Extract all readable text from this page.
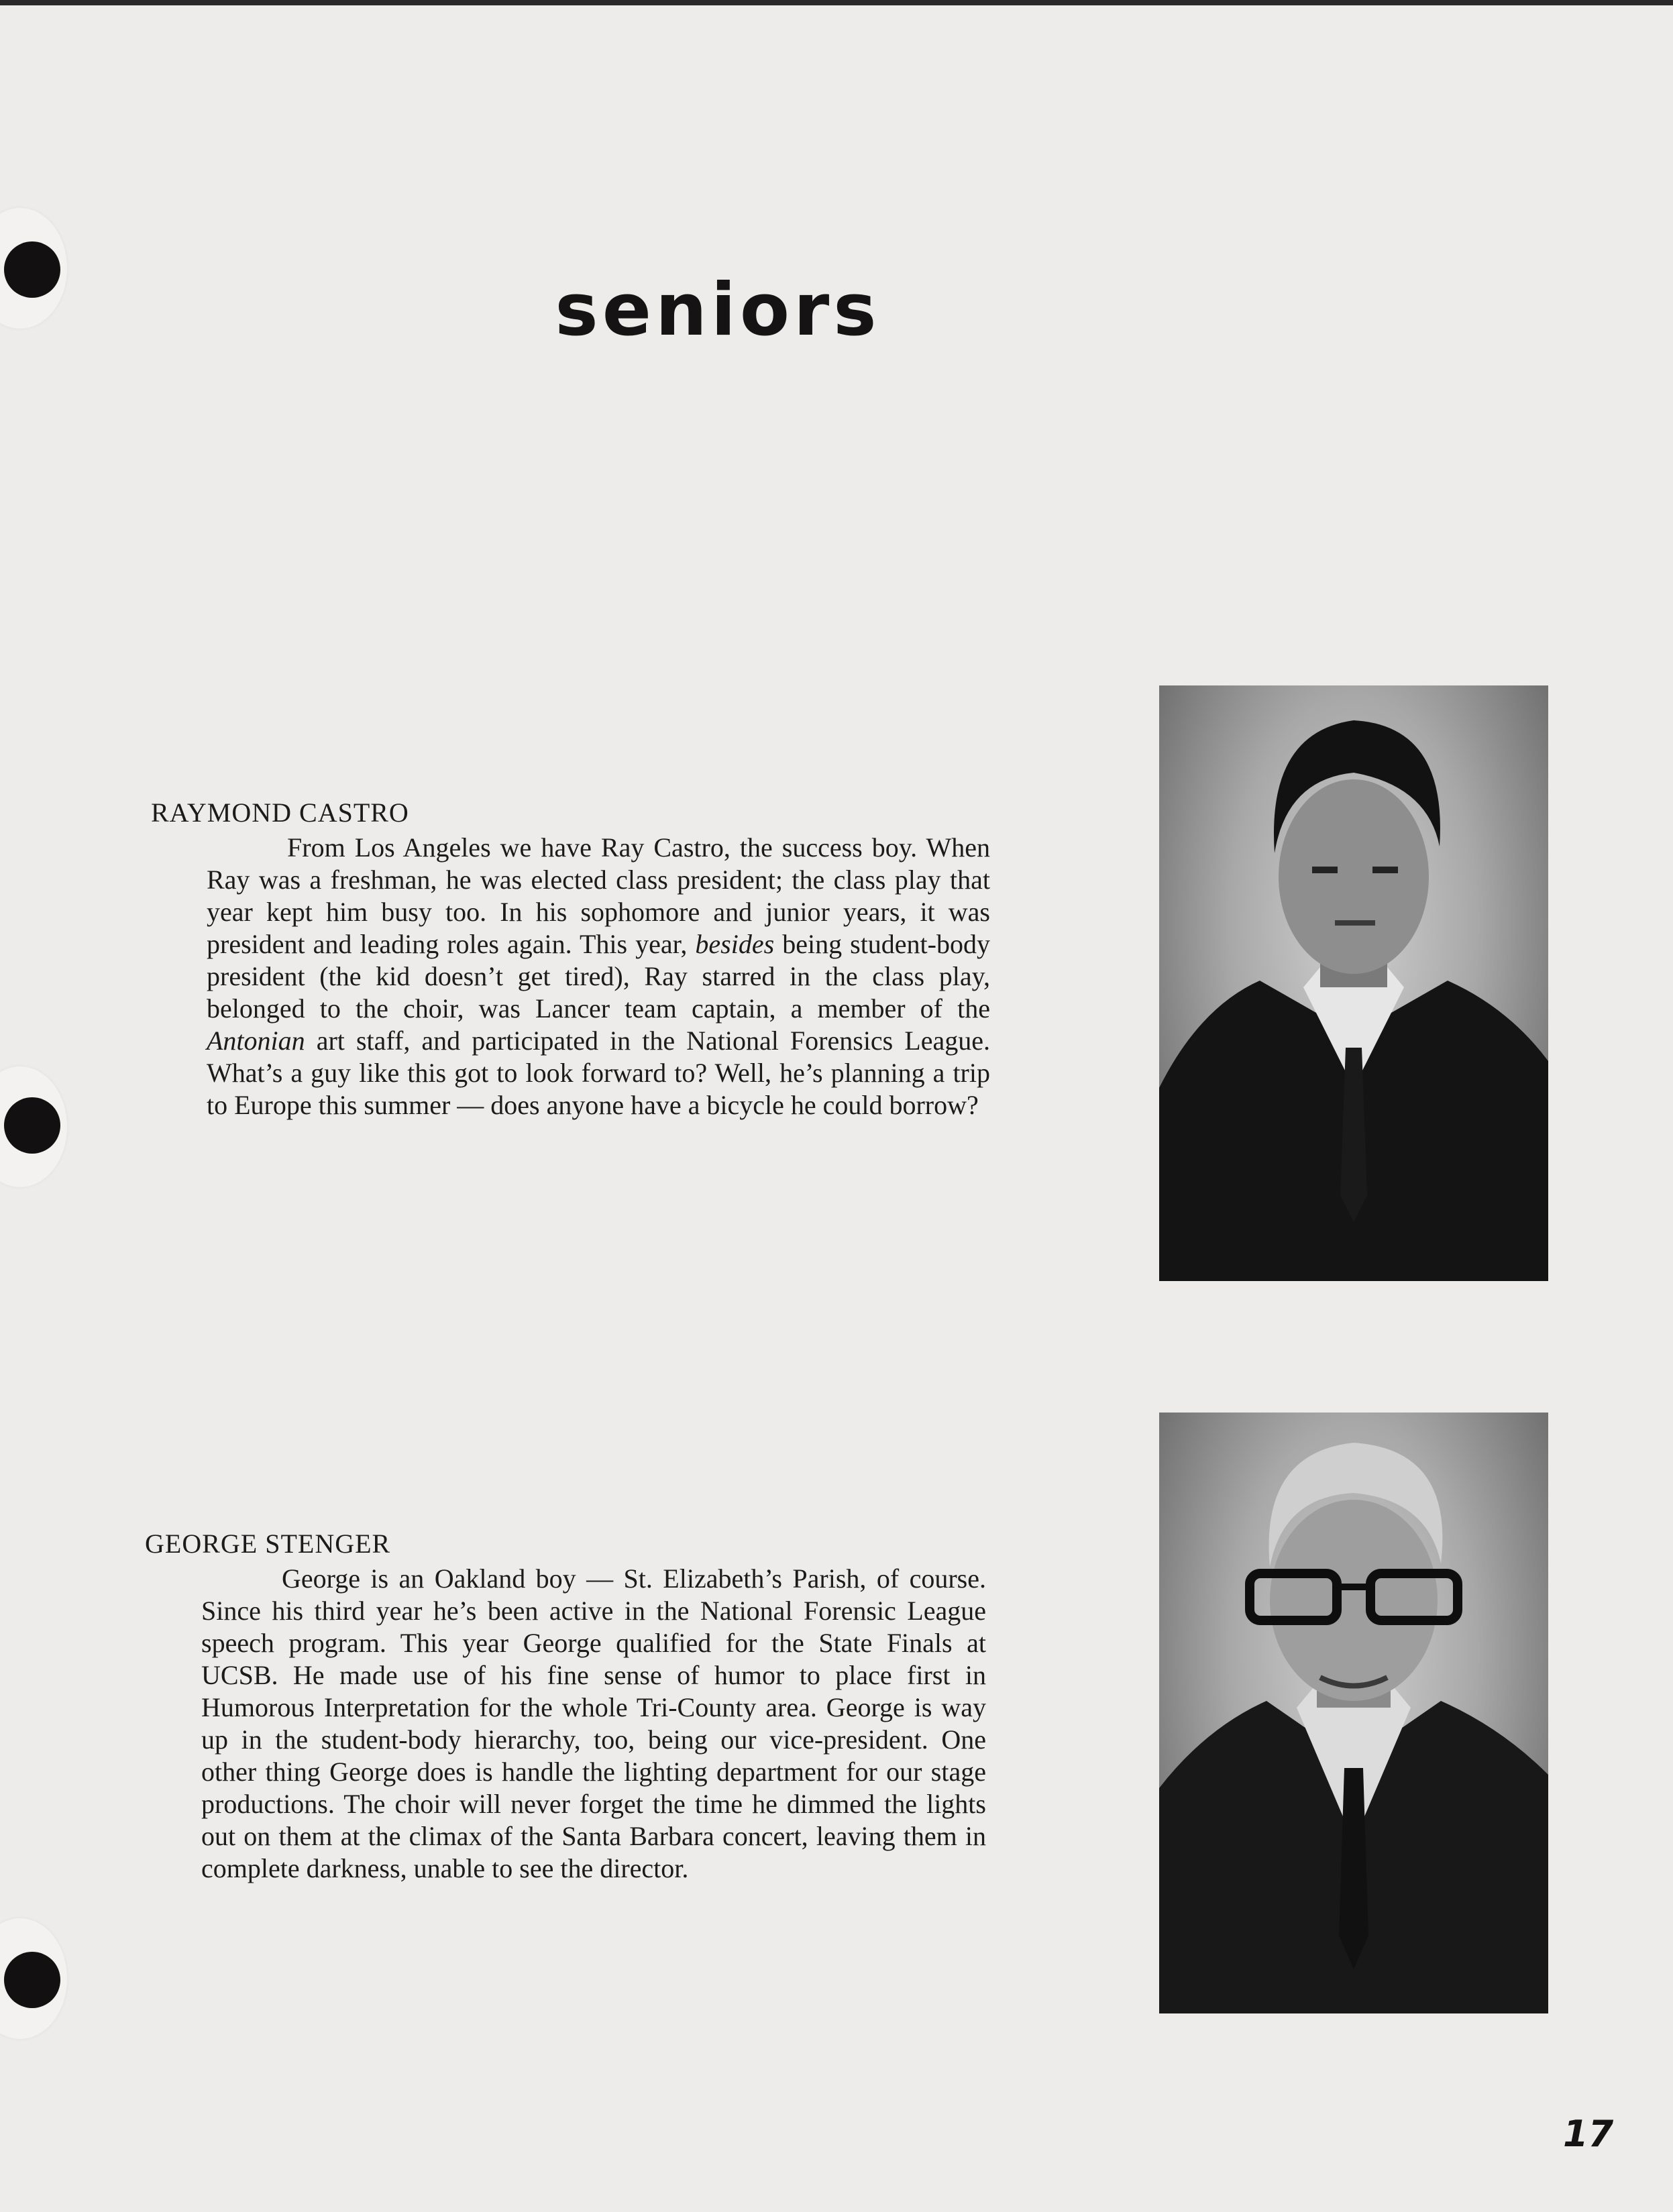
seniors
RAYMOND CASTRO
From Los Angeles we have Ray Castro, the success boy. When Ray was a freshman, he was elected class president; the class play that year kept him busy too. In his sophomore and junior years, it was president and leading roles again. This year, besides being student-body president (the kid doesn’t get tired), Ray starred in the class play, belonged to the choir, was Lancer team captain, a member of the Antonian art staff, and participated in the National Forensics League. What’s a guy like this got to look forward to? Well, he’s planning a trip to Europe this summer — does anyone have a bicycle he could borrow?
GEORGE STENGER
George is an Oakland boy — St. Elizabeth’s Parish, of course. Since his third year he’s been active in the National Forensic League speech program. This year George qualified for the State Finals at UCSB. He made use of his fine sense of humor to place first in Humorous Interpretation for the whole Tri-County area. George is way up in the student-body hierarchy, too, being our vice-president. One other thing George does is handle the lighting department for our stage productions. The choir will never forget the time he dimmed the lights out on them at the climax of the Santa Barbara concert, leaving them in complete darkness, unable to see the director.
17
